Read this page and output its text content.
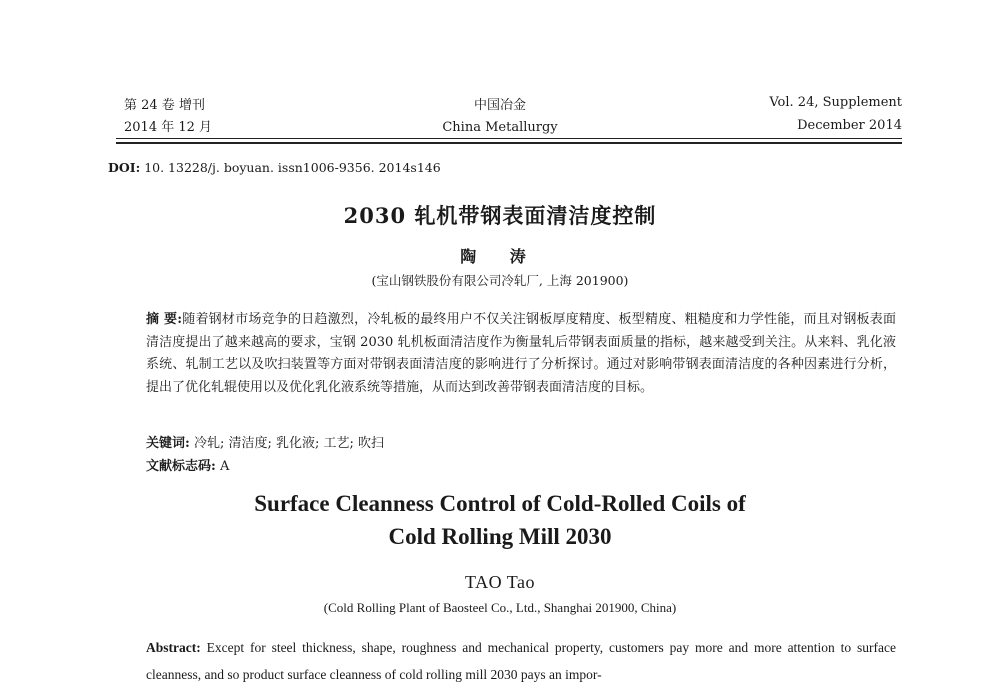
第 24 卷 增刊
2014 年 12 月
中国冶金
China Metallurgy
Vol. 24, Supplement
December 2014
DOI: 10. 13228/j. boyuan. issn1006-9356. 2014s146
2030 轧机带钢表面清洁度控制
陶 涛
(宝山钢铁股份有限公司冷轧厂, 上海 201900)
摘 要:随着钢材市场竞争的日趋激烈，冷轧板的最终用户不仅关注钢板厚度精度、板型精度、粗糙度和力学性能，而且对钢板表面清洁度提出了越来越高的要求，宝钢 2030 轧机板面清洁度作为衡量轧后带钢表面质量的指标，越来越受到关注。从来料、乳化液系统、轧制工艺以及吹扫装置等方面对带钢表面清洁度的影响进行了分析探讨。通过对影响带钢表面清洁度的各种因素进行分析，提出了优化轧辊使用以及优化乳化液系统等措施，从而达到改善带钢表面清洁度的目标。
关键词: 冷轧; 清洁度; 乳化液; 工艺; 吹扫
文献标志码: A
Surface Cleanness Control of Cold-Rolled Coils of
Cold Rolling Mill 2030
TAO Tao
(Cold Rolling Plant of Baosteel Co., Ltd., Shanghai 201900, China)
Abstract: Except for steel thickness, shape, roughness and mechanical property, customers pay more and more attention to surface cleanness, and so product surface cleanness of cold rolling mill 2030 pays an impor-
